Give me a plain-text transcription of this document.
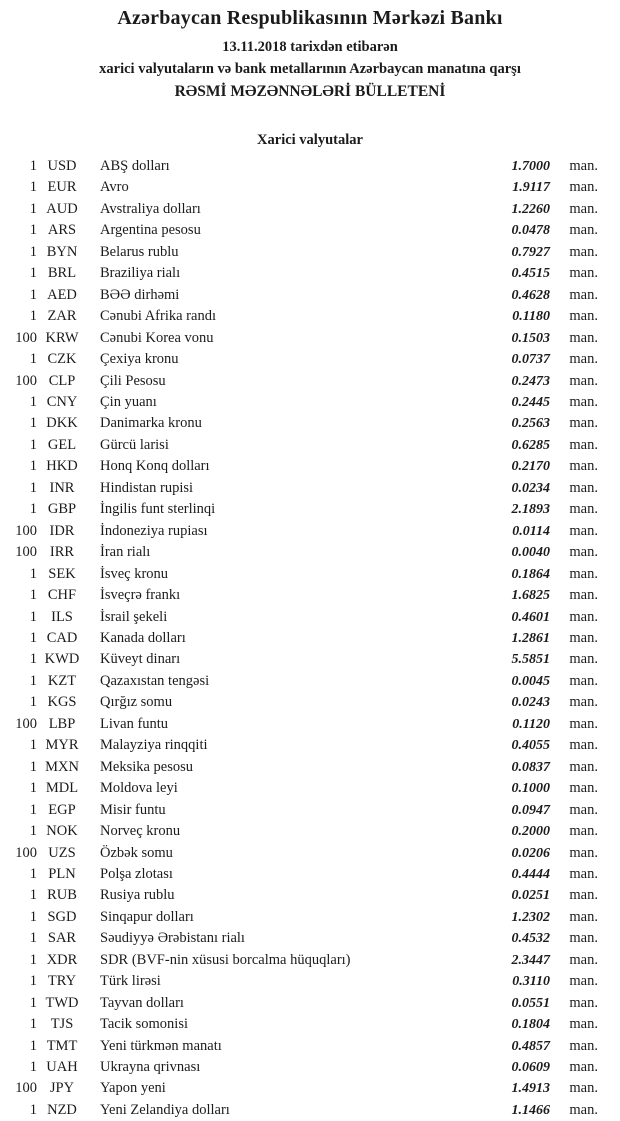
Azərbaycan Respublikasının Mərkəzi Bankı
13.11.2018 tarixdən etibarən
xarici valyutaların və bank metallarının Azərbaycan manatına qarşı
RƏSMİ MƏZƏNNƏLƏRİ BÜLLETENİ
Xarici valyutalar
1 USD	ABŞ dolları	1.7000	man.
1 EUR	Avro	1.9117	man.
1 AUD	Avstraliya dolları	1.2260	man.
1 ARS	Argentina pesosu	0.0478	man.
1 BYN	Belarus rublu	0.7927	man.
1 BRL	Braziliya rialı	0.4515	man.
1 AED	BƏƏ dirhəmi	0.4628	man.
1 ZAR	Cənubi Afrika randı	0.1180	man.
100 KRW	Cənubi Korea vonu	0.1503	man.
1 CZK	Çexiya kronu	0.0737	man.
100 CLP	Çili Pesosu	0.2473	man.
1 CNY	Çin yuanı	0.2445	man.
1 DKK	Danimarka kronu	0.2563	man.
1 GEL	Gürcü larisi	0.6285	man.
1 HKD	Honq Konq dolları	0.2170	man.
1 INR	Hindistan rupisi	0.0234	man.
1 GBP	İngilis funt sterlinqi	2.1893	man.
100 IDR	İndoneziya rupiası	0.0114	man.
100 IRR	İran rialı	0.0040	man.
1 SEK	İsveç kronu	0.1864	man.
1 CHF	İsveçrə frankı	1.6825	man.
1 ILS	İsrail şekeli	0.4601	man.
1 CAD	Kanada dolları	1.2861	man.
1 KWD	Küveyt dinarı	5.5851	man.
1 KZT	Qazaxıstan tengəsi	0.0045	man.
1 KGS	Qırğız somu	0.0243	man.
100 LBP	Livan funtu	0.1120	man.
1 MYR	Malayziya rinqqiti	0.4055	man.
1 MXN	Meksika pesosu	0.0837	man.
1 MDL	Moldova leyi	0.1000	man.
1 EGP	Misir funtu	0.0947	man.
1 NOK	Norveç kronu	0.2000	man.
100 UZS	Özbək somu	0.0206	man.
1 PLN	Polşa zlotası	0.4444	man.
1 RUB	Rusiya rublu	0.0251	man.
1 SGD	Sinqapur dolları	1.2302	man.
1 SAR	Səudiyyə Ərəbistanı rialı	0.4532	man.
1 XDR	SDR (BVF-nin xüsusi borcalma hüquqları)	2.3447	man.
1 TRY	Türk lirəsi	0.3110	man.
1 TWD	Tayvan dolları	0.0551	man.
1 TJS	Tacik somonisi	0.1804	man.
1 TMT	Yeni türkmən manatı	0.4857	man.
1 UAH	Ukrayna qrivnası	0.0609	man.
100 JPY	Yapon yeni	1.4913	man.
1 NZD	Yeni Zelandiya dolları	1.1466	man.
